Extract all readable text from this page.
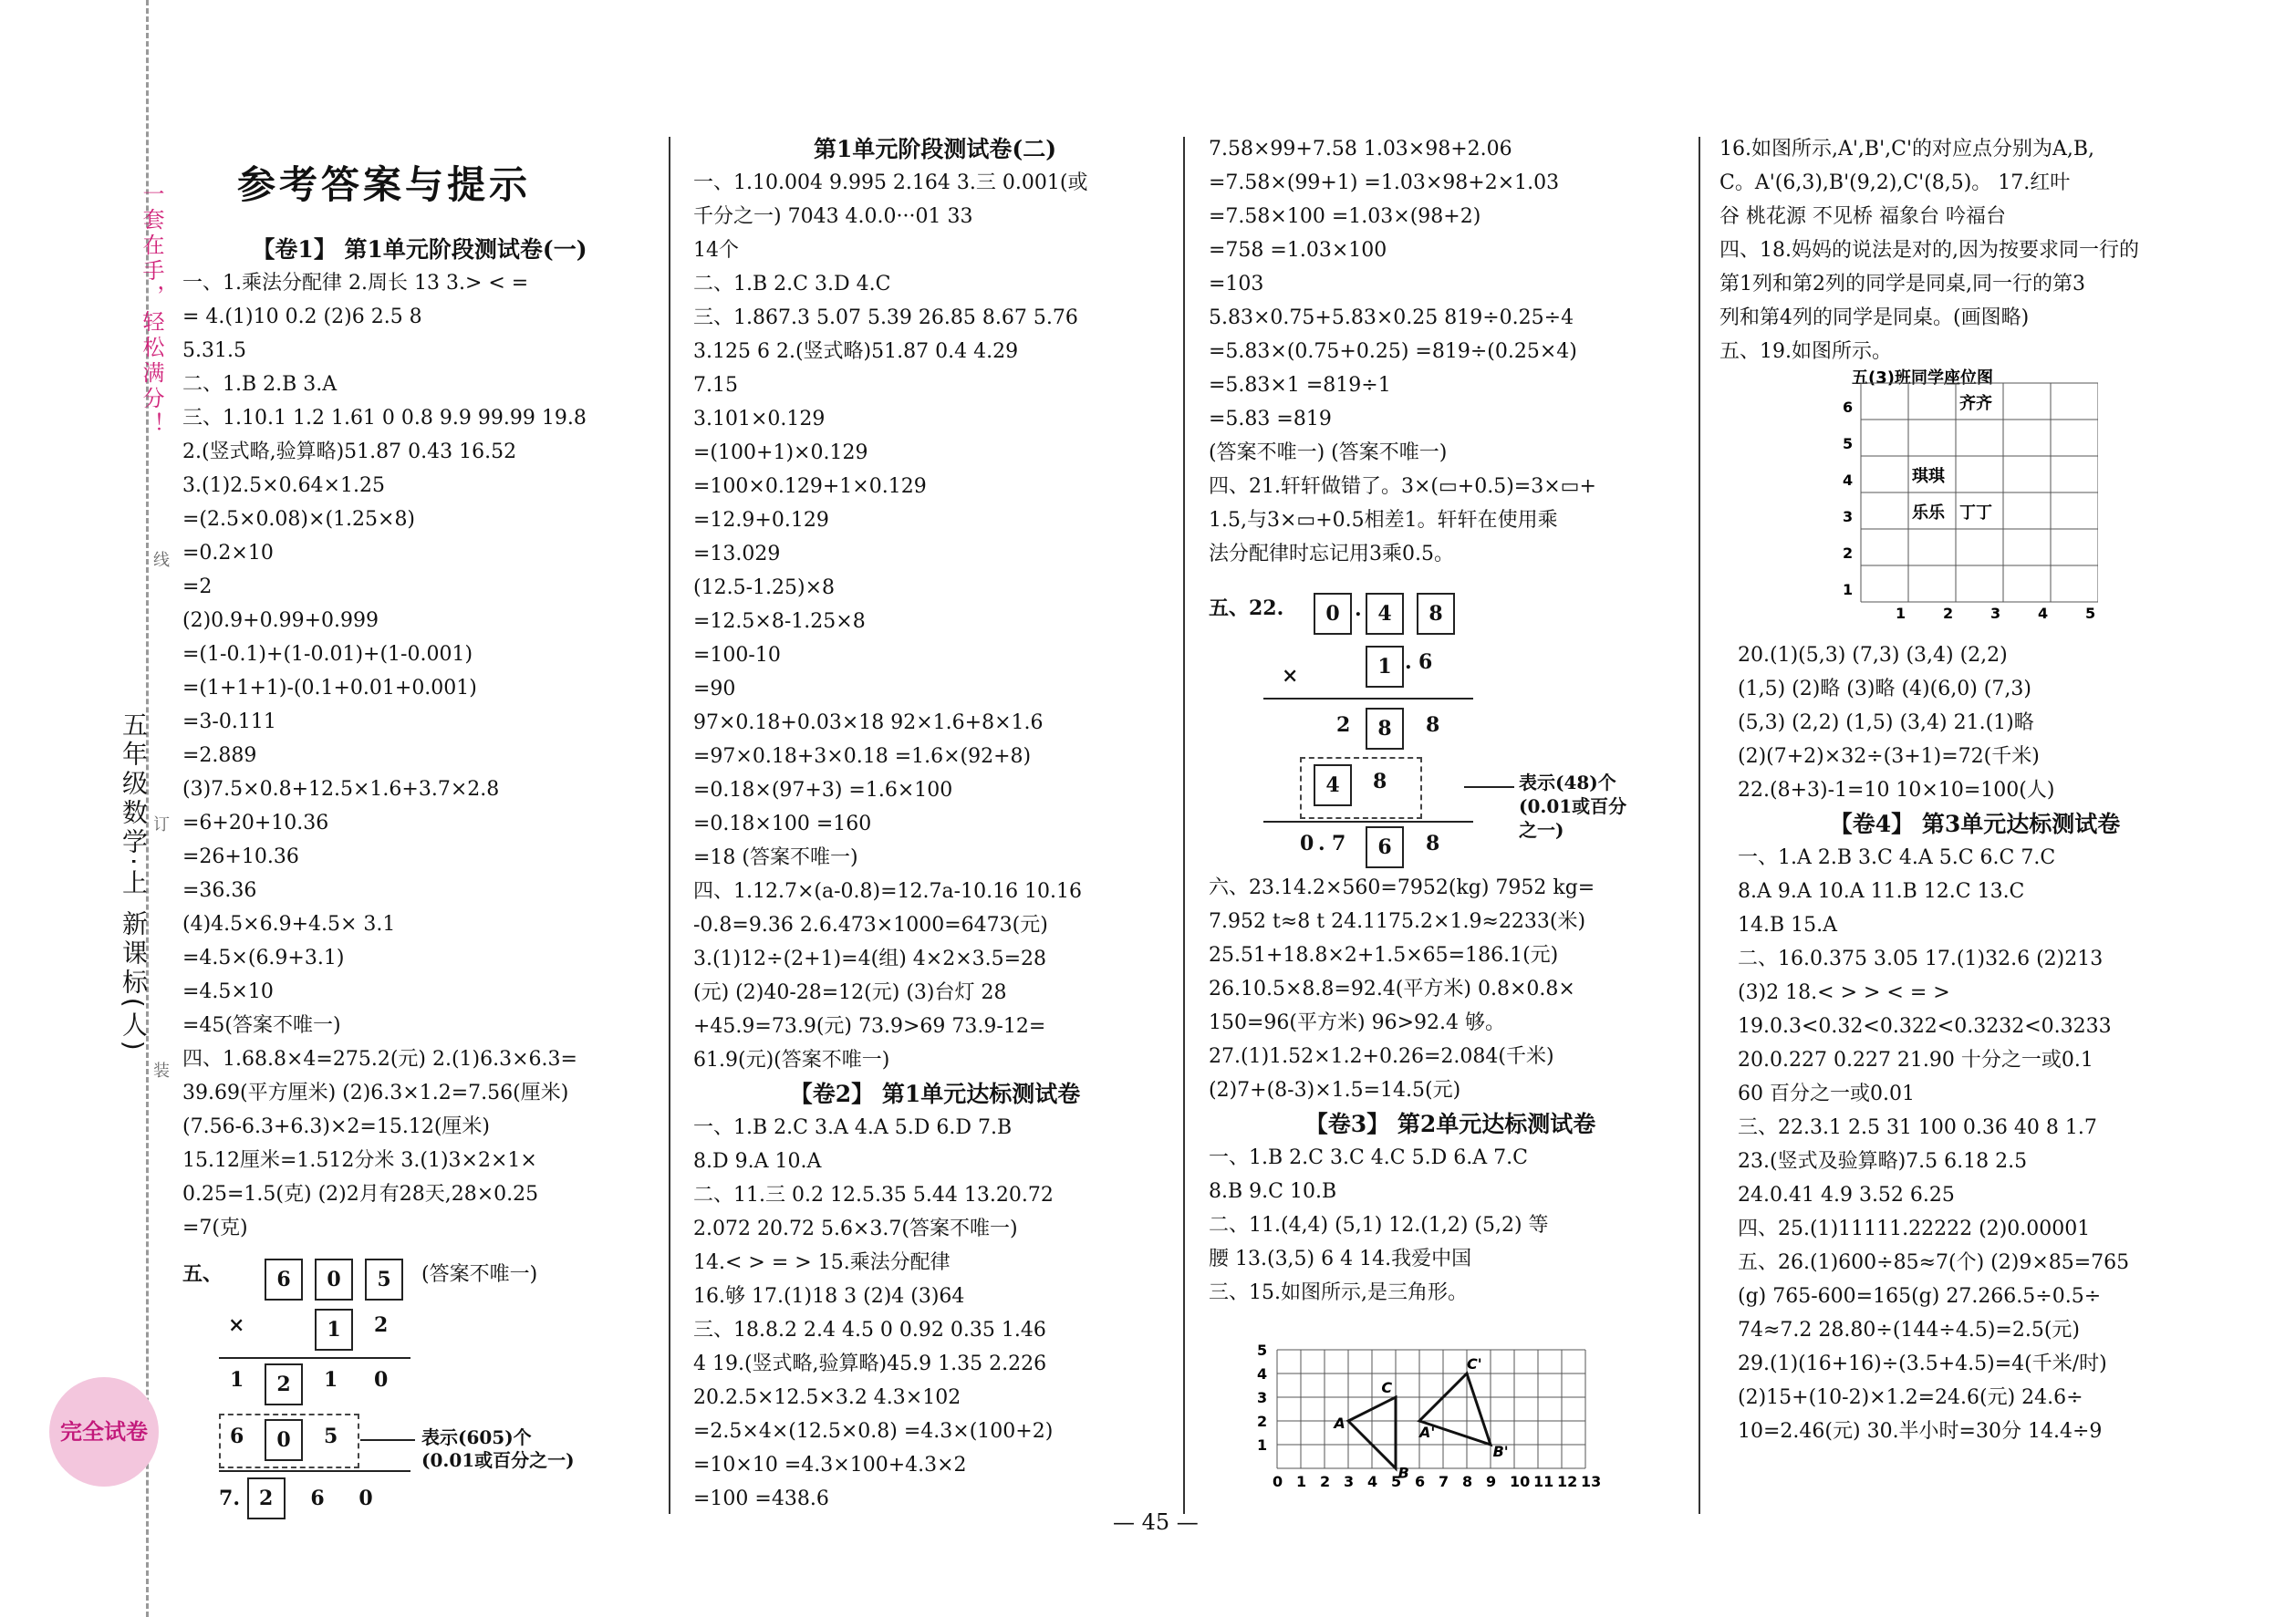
线
订
装
一套在手，轻松满分！
五年级数学·上 新课标(人)
完全试卷
参考答案与提示

【卷1】 第1单元阶段测试卷(一)

一、1.乘法分配律 2.周长 13 3.> < =

= 4.(1)10 0.2 (2)6 2.5 8

5.31.5

二、1.B 2.B 3.A

三、1.10.1 1.2 1.61 0 0.8 9.9 99.99 19.8

2.(竖式略,验算略)51.87 0.43 16.52

3.(1)2.5×0.64×1.25

=(2.5×0.08)×(1.25×8)

=0.2×10

=2

(2)0.9+0.99+0.999

=(1-0.1)+(1-0.01)+(1-0.001)

=(1+1+1)-(0.1+0.01+0.001)

=3-0.111

=2.889

(3)7.5×0.8+12.5×1.6+3.7×2.8

=6+20+10.36

=26+10.36

=36.36

(4)4.5×6.9+4.5× 3.1

=4.5×(6.9+3.1)

=4.5×10

=45(答案不唯一)

四、1.68.8×4=275.2(元) 2.(1)6.3×6.3=

39.69(平方厘米) (2)6.3×1.2=7.56(厘米)

(7.56-6.3+6.3)×2=15.12(厘米)

15.12厘米=1.512分米 3.(1)3×2×1×

0.25=1.5(克) (2)2月有28天,28×0.25

=7(克)

第1单元阶段测试卷(二)

一、1.10.004 9.995 2.164 3.三 0.001(或

千分之一) 7043 4.0.0···01 33

14个

二、1.B 2.C 3.D 4.C

三、1.867.3 5.07 5.39 26.85 8.67 5.76

3.125 6 2.(竖式略)51.87 0.4 4.29

7.15

3.101×0.129

=(100+1)×0.129

=100×0.129+1×0.129

=12.9+0.129

=13.029

(12.5-1.25)×8

=12.5×8-1.25×8

=100-10

=90

97×0.18+0.03×18 92×1.6+8×1.6

=97×0.18+3×0.18 =1.6×(92+8)

=0.18×(97+3) =1.6×100

=0.18×100 =160

=18 (答案不唯一)

四、1.12.7×(a-0.8)=12.7a-10.16 10.16

-0.8=9.36 2.6.473×1000=6473(元)

3.(1)12÷(2+1)=4(组) 4×2×3.5=28

(元) (2)40-28=12(元) (3)台灯 28

+45.9=73.9(元) 73.9>69 73.9-12=

61.9(元)(答案不唯一)

【卷2】 第1单元达标测试卷

一、1.B 2.C 3.A 4.A 5.D 6.D 7.B

8.D 9.A 10.A

二、11.三 0.2 12.5.35 5.44 13.20.72

2.072 20.72 5.6×3.7(答案不唯一)

14.< > = > 15.乘法分配律

16.够 17.(1)18 3 (2)4 (3)64

三、18.8.2 2.4 4.5 0 0.92 0.35 1.46

4 19.(竖式略,验算略)45.9 1.35 2.226

20.2.5×12.5×3.2 4.3×102

=2.5×4×(12.5×0.8) =4.3×(100+2)

=10×10 =4.3×100+4.3×2

=100 =438.6

7.58×99+7.58 1.03×98+2.06

=7.58×(99+1) =1.03×98+2×1.03

=7.58×100 =1.03×(98+2)

=758 =1.03×100

=103

5.83×0.75+5.83×0.25 819÷0.25÷4

=5.83×(0.75+0.25) =819÷(0.25×4)

=5.83×1 =819÷1

=5.83 =819

(答案不唯一) (答案不唯一)

四、21.轩轩做错了。3×(▭+0.5)=3×▭+

1.5,与3×▭+0.5相差1。轩轩在使用乘

法分配律时忘记用3乘0.5。

六、23.14.2×560=7952(kg) 7952 kg=

7.952 t≈8 t 24.1175.2×1.9≈2233(米)

25.51+18.8×2+1.5×65=186.1(元)

26.10.5×8.8=92.4(平方米) 0.8×0.8×

150=96(平方米) 96>92.4 够。

27.(1)1.52×1.2+0.26=2.084(千米)

(2)7+(8-3)×1.5=14.5(元)

【卷3】 第2单元达标测试卷

一、1.B 2.C 3.C 4.C 5.D 6.A 7.C

8.B 9.C 10.B

二、11.(4,4) (5,1) 12.(1,2) (5,2) 等

腰 13.(3,5) 6 4 14.我爱中国

三、15.如图所示,是三角形。

16.如图所示,A',B',C'的对应点分别为A,B,

C。A'(6,3),B'(9,2),C'(8,5)。 17.红叶

谷 桃花源 不见桥 福象台 吟福台

四、18.妈妈的说法是对的,因为按要求同一行的

第1列和第2列的同学是同桌,同一行的第3

列和第4列的同学是同桌。(画图略)

五、19.如图所示。

20.(1)(5,3) (7,3) (3,4) (2,2)

(1,5) (2)略 (3)略 (4)(6,0) (7,3)

(5,3) (2,2) (1,5) (3,4) 21.(1)略

(2)(7+2)×32÷(3+1)=72(千米)

22.(8+3)-1=10 10×10=100(人)

【卷4】 第3单元达标测试卷

一、1.A 2.B 3.C 4.A 5.C 6.C 7.C

8.A 9.A 10.A 11.B 12.C 13.C

14.B 15.A

二、16.0.375 3.05 17.(1)32.6 (2)213

(3)2 18.< > > < = >

19.0.3<0.32<0.322<0.3232<0.3233

20.0.227 0.227 21.90 十分之一或0.1

60 百分之一或0.01

三、22.3.1 2.5 31 100 0.36 40 8 1.7

23.(竖式及验算略)7.5 6.18 2.5

24.0.41 4.9 3.52 6.25

四、25.(1)11111.22222 (2)0.00001

五、26.(1)600÷85≈7(个) (2)9×85=765

(g) 765-600=165(g) 27.266.5÷0.5÷

74≈7.2 28.80÷(144÷4.5)=2.5(元)

29.(1)(16+16)÷(3.5+4.5)=4(千米/时)

(2)15+(10-2)×1.2=24.6(元) 24.6÷

10=2.46(元) 30.半小时=30分 14.4÷9

五、	6	0	5	(答案不唯一)
×	1	2
1	2	1 0
6	0	5	表示(605)个
(0.01或百分之一)
7. 2 6 0
五、22.	0 . 4	8
×	1 . 6
2	8	8
4	8	表示(48)个
(0.01或百分
之一)
0 . 7	6	8
0 1 2 3 4 5 6 7 8 9 10 11 12 13
1
2
3
4
5
A
B
C
A'
B'
C'
五(3)班同学座位图
6
5
4
3
2
1
1	2	3	4	5
齐齐
琪琪
乐乐 丁丁
— 45 —
